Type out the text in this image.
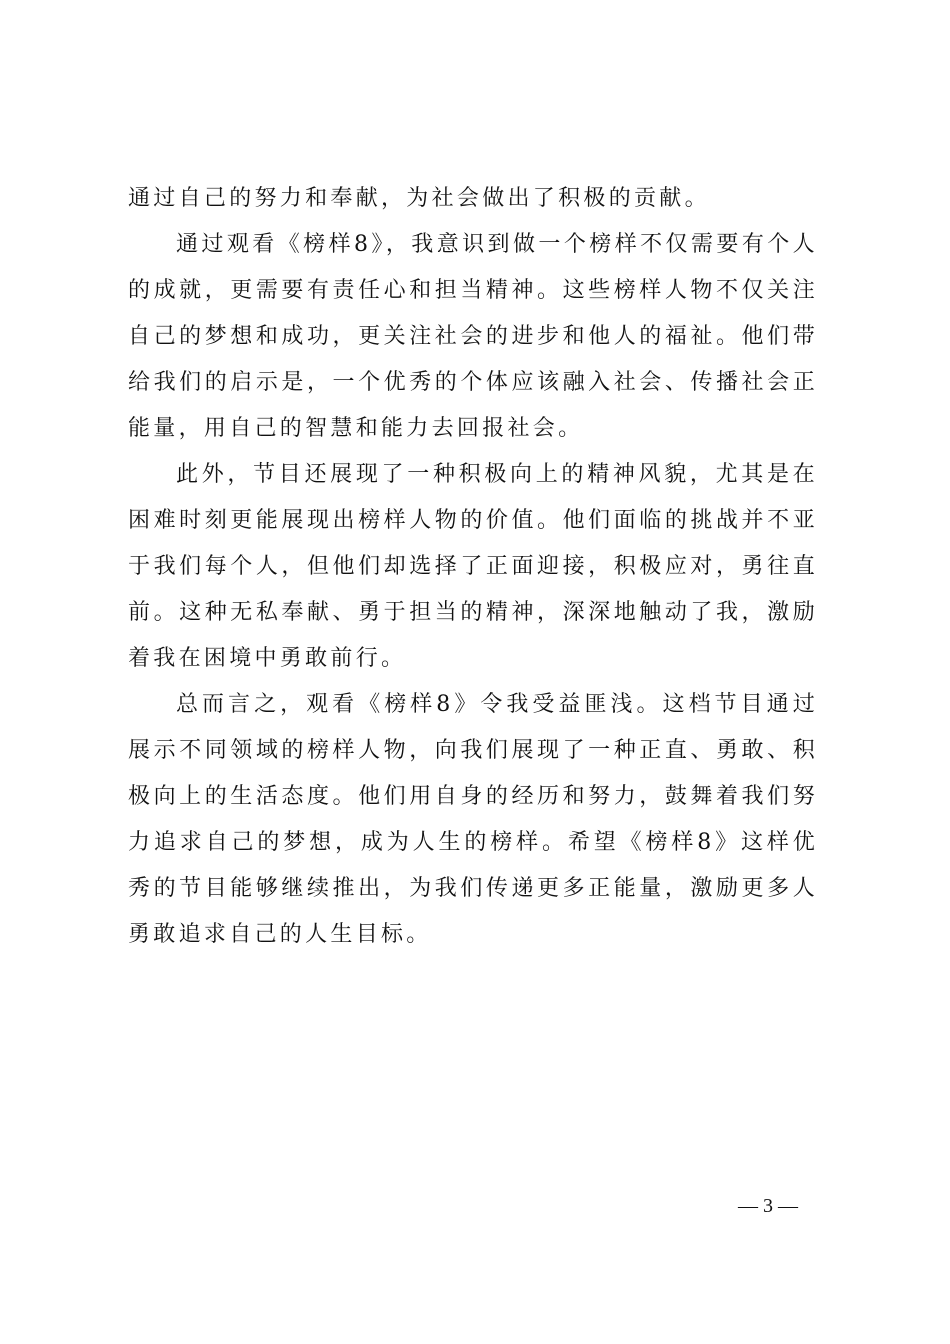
通过自己的努力和奉献，为社会做出了积极的贡献。

通过观看《榜样8》，我意识到做一个榜样不仅需要有个人的成就，更需要有责任心和担当精神。这些榜样人物不仅关注自己的梦想和成功，更关注社会的进步和他人的福祉。他们带给我们的启示是，一个优秀的个体应该融入社会、传播社会正能量，用自己的智慧和能力去回报社会。

此外，节目还展现了一种积极向上的精神风貌，尤其是在困难时刻更能展现出榜样人物的价值。他们面临的挑战并不亚于我们每个人，但他们却选择了正面迎接，积极应对，勇往直前。这种无私奉献、勇于担当的精神，深深地触动了我，激励着我在困境中勇敢前行。

总而言之，观看《榜样8》令我受益匪浅。这档节目通过展示不同领域的榜样人物，向我们展现了一种正直、勇敢、积极向上的生活态度。他们用自身的经历和努力，鼓舞着我们努力追求自己的梦想，成为人生的榜样。希望《榜样8》这样优秀的节目能够继续推出，为我们传递更多正能量，激励更多人勇敢追求自己的人生目标。

— 3 —
